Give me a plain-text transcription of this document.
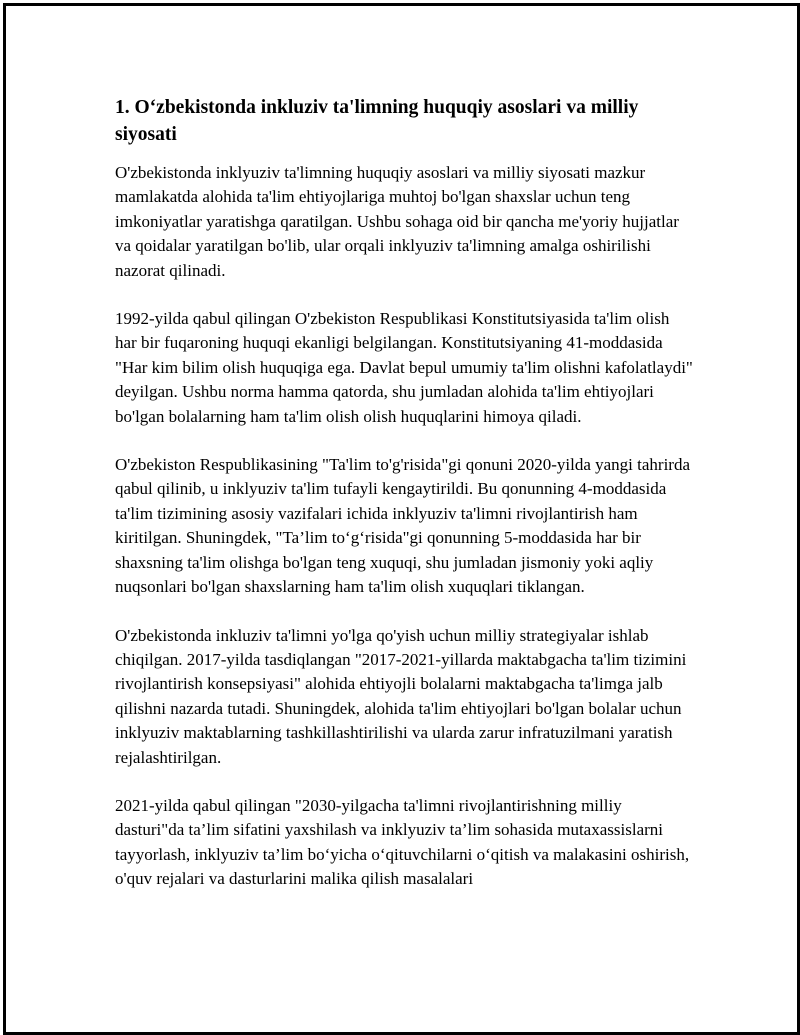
1. O‘zbekistonda inkluziv ta'limning huquqiy asoslari va milliy siyosati

O'zbekistonda inklyuziv ta'limning huquqiy asoslari va milliy siyosati mazkur mamlakatda alohida ta'lim ehtiyojlariga muhtoj bo'lgan shaxslar uchun teng imkoniyatlar yaratishga qaratilgan. Ushbu sohaga oid bir qancha me'yoriy hujjatlar va qoidalar yaratilgan bo'lib, ular orqali inklyuziv ta'limning amalga oshirilishi nazorat qilinadi.

1992-yilda qabul qilingan O'zbekiston Respublikasi Konstitutsiyasida ta'lim olish har bir fuqaroning huquqi ekanligi belgilangan. Konstitutsiyaning 41-moddasida "Har kim bilim olish huquqiga ega. Davlat bepul umumiy ta'lim olishni kafolatlaydi" deyilgan. Ushbu norma hamma qatorda, shu jumladan alohida ta'lim ehtiyojlari bo'lgan bolalarning ham ta'lim olish olish huquqlarini himoya qiladi.

O'zbekiston Respublikasining "Ta'lim to'g'risida"gi qonuni 2020-yilda yangi tahrirda qabul qilinib, u inklyuziv ta'lim tufayli kengaytirildi. Bu qonunning 4-moddasida ta'lim tizimining asosiy vazifalari ichida inklyuziv ta'limni rivojlantirish ham kiritilgan. Shuningdek, "Ta’lim to‘g‘risida"gi qonunning 5-moddasida har bir shaxsning ta'lim olishga bo'lgan teng xuquqi, shu jumladan jismoniy yoki aqliy nuqsonlari bo'lgan shaxslarning ham ta'lim olish xuquqlari tiklangan.

O'zbekistonda inkluziv ta'limni yo'lga qo'yish uchun milliy strategiyalar ishlab chiqilgan. 2017-yilda tasdiqlangan "2017-2021-yillarda maktabgacha ta'lim tizimini rivojlantirish konsepsiyasi" alohida ehtiyojli bolalarni maktabgacha ta'limga jalb qilishni nazarda tutadi. Shuningdek, alohida ta'lim ehtiyojlari bo'lgan bolalar uchun inklyuziv maktablarning tashkillashtirilishi va ularda zarur infratuzilmani yaratish rejalashtirilgan.

2021-yilda qabul qilingan "2030-yilgacha ta'limni rivojlantirishning milliy dasturi"da ta’lim sifatini yaxshilash va inklyuziv ta’lim sohasida mutaxassislarni tayyorlash, inklyuziv ta’lim bo‘yicha o‘qituvchilarni o‘qitish va malakasini oshirish, o'quv rejalari va dasturlarini malika qilish masalalari
